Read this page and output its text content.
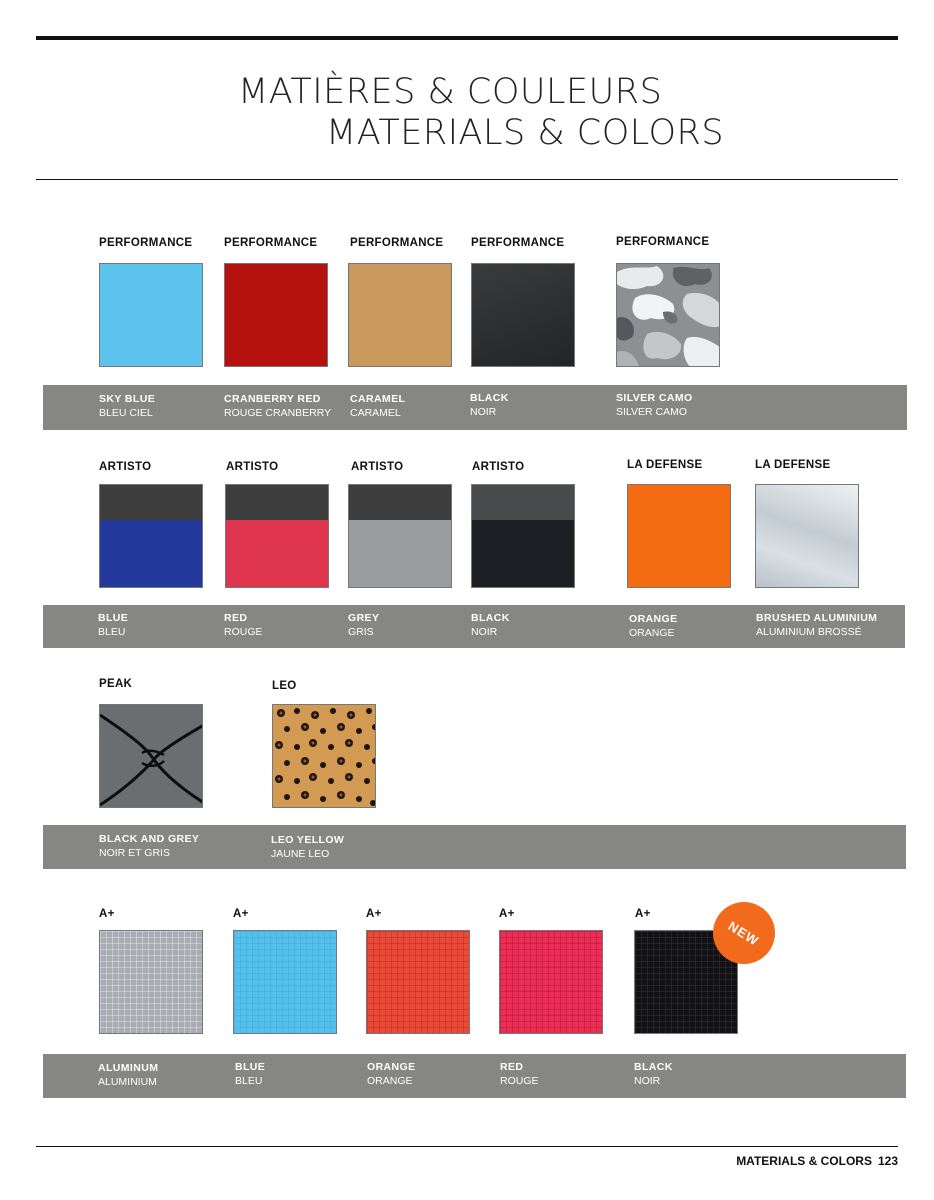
MATIÈRES & COULEURS
MATERIALS & COLORS
PERFORMANCE
SKY BLUE
BLEU CIEL
PERFORMANCE
CRANBERRY RED
ROUGE CRANBERRY
PERFORMANCE
CARAMEL
CARAMEL
PERFORMANCE
BLACK
NOIR
PERFORMANCE
SILVER CAMO
SILVER CAMO
ARTISTO
BLUE
BLEU
ARTISTO
RED
ROUGE
ARTISTO
GREY
GRIS
ARTISTO
BLACK
NOIR
LA DEFENSE
ORANGE
ORANGE
LA DEFENSE
BRUSHED ALUMINIUM
ALUMINIUM BROSSÉ
PEAK
BLACK AND GREY
NOIR ET GRIS
LEO
LEO YELLOW
JAUNE LEO
A+
ALUMINUM
ALUMINIUM
A+
BLUE
BLEU
A+
ORANGE
ORANGE
A+
RED
ROUGE
A+
BLACK
NOIR
NEW
MATERIALS & COLORS 123
